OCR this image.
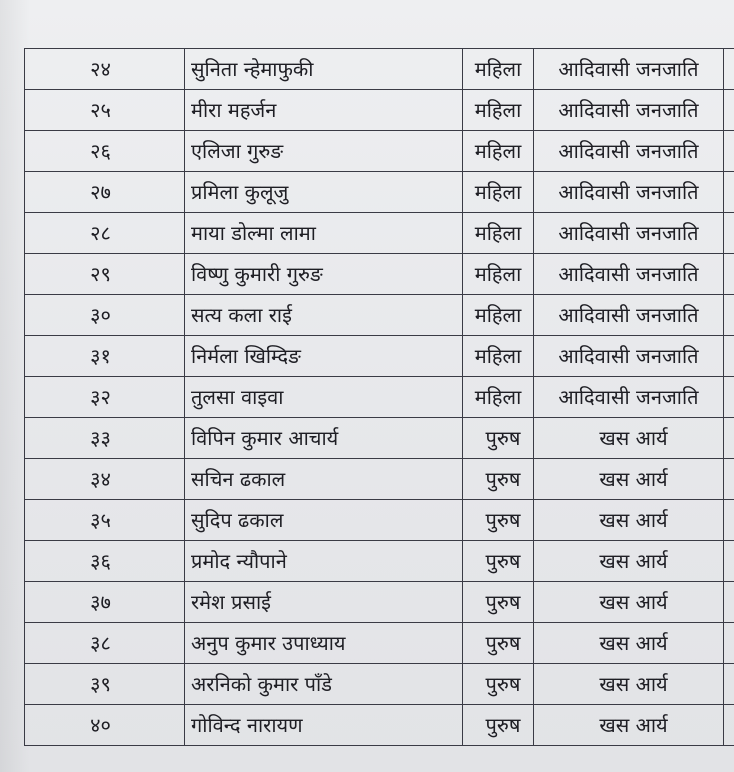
२४	सुनिता न्हेमाफुकी	महिला	आदिवासी जनजाति	
२५	मीरा महर्जन	महिला	आदिवासी जनजाति	
२६	एलिजा गुरुङ	महिला	आदिवासी जनजाति	
२७	प्रमिला कुलूजु	महिला	आदिवासी जनजाति	
२८	माया डोल्मा लामा	महिला	आदिवासी जनजाति	
२९	विष्णु कुमारी गुरुङ	महिला	आदिवासी जनजाति	
३०	सत्य कला राई	महिला	आदिवासी जनजाति	
३१	निर्मला खिम्दिङ	महिला	आदिवासी जनजाति	
३२	तुलसा वाइवा	महिला	आदिवासी जनजाति	
३३	विपिन कुमार आचार्य	पुरुष	खस आर्य	
३४	सचिन ढकाल	पुरुष	खस आर्य	
३५	सुदिप ढकाल	पुरुष	खस आर्य	
३६	प्रमोद न्यौपाने	पुरुष	खस आर्य	
३७	रमेश प्रसाई	पुरुष	खस आर्य	
३८	अनुप कुमार उपाध्याय	पुरुष	खस आर्य	
३९	अरनिको कुमार पाँडे	पुरुष	खस आर्य	
४०	गोविन्द नारायण	पुरुष	खस आर्य	
